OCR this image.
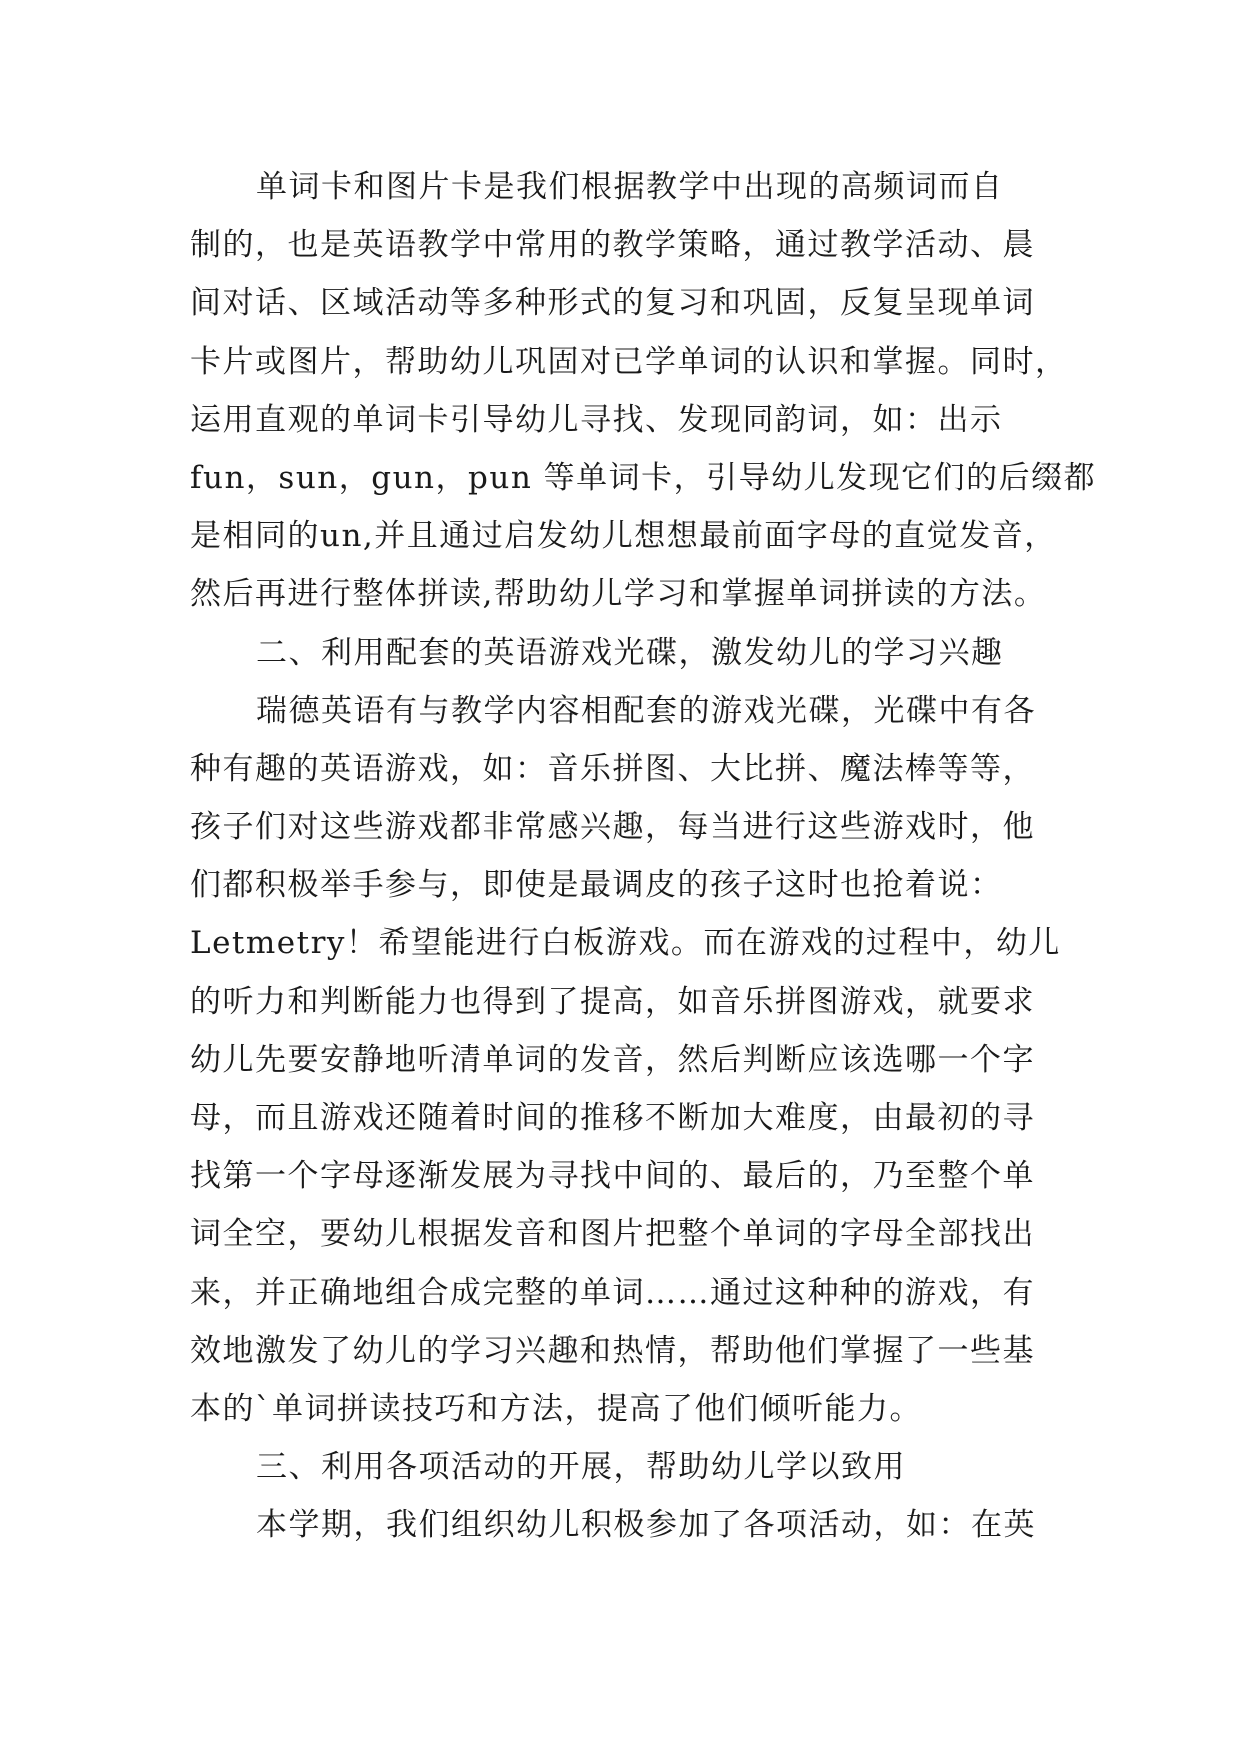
单词卡和图片卡是我们根据教学中出现的高频词而自
制的，也是英语教学中常用的教学策略，通过教学活动、晨
间对话、区域活动等多种形式的复习和巩固，反复呈现单词
卡片或图片，帮助幼儿巩固对已学单词的认识和掌握。同时，
运用直观的单词卡引导幼儿寻找、发现同韵词，如：出示
fun，sun，gun，pun 等单词卡，引导幼儿发现它们的后缀都
是相同的un,并且通过启发幼儿想想最前面字母的直觉发音，
然后再进行整体拼读,帮助幼儿学习和掌握单词拼读的方法。
二、利用配套的英语游戏光碟，激发幼儿的学习兴趣
瑞德英语有与教学内容相配套的游戏光碟，光碟中有各
种有趣的英语游戏，如：音乐拼图、大比拼、魔法棒等等，
孩子们对这些游戏都非常感兴趣，每当进行这些游戏时，他
们都积极举手参与，即使是最调皮的孩子这时也抢着说：
Letmetry！希望能进行白板游戏。而在游戏的过程中，幼儿
的听力和判断能力也得到了提高，如音乐拼图游戏，就要求
幼儿先要安静地听清单词的发音，然后判断应该选哪一个字
母，而且游戏还随着时间的推移不断加大难度，由最初的寻
找第一个字母逐渐发展为寻找中间的、最后的，乃至整个单
词全空，要幼儿根据发音和图片把整个单词的字母全部找出
来，并正确地组合成完整的单词……通过这种种的游戏，有
效地激发了幼儿的学习兴趣和热情，帮助他们掌握了一些基
本的`单词拼读技巧和方法，提高了他们倾听能力。
三、利用各项活动的开展，帮助幼儿学以致用
本学期，我们组织幼儿积极参加了各项活动，如：在英
